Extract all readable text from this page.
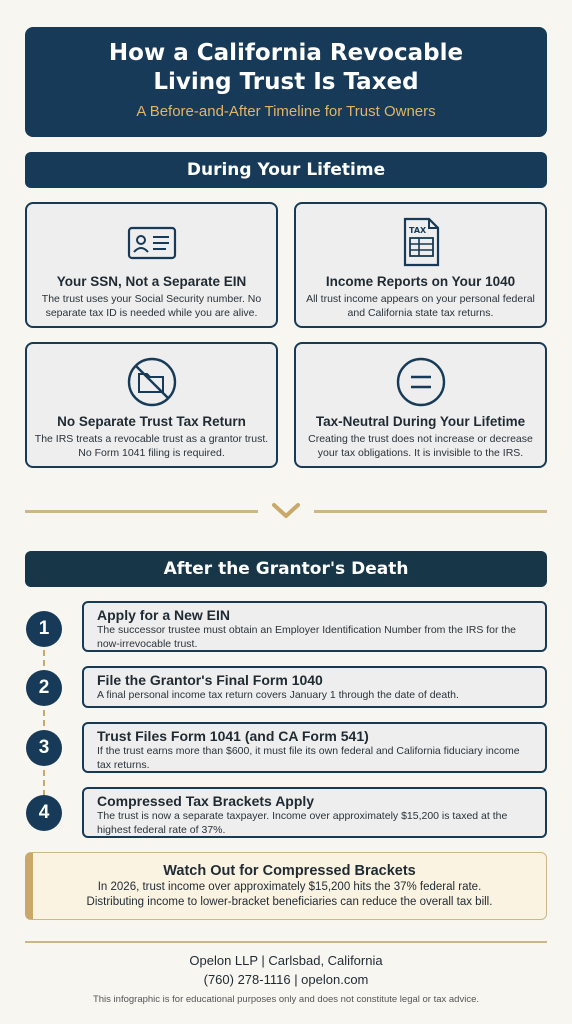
How a California Revocable
Living Trust Is Taxed
A Before-and-After Timeline for Trust Owners
During Your Lifetime
Your SSN, Not a Separate EIN
The trust uses your Social Security number. No separate tax ID is needed while you are alive.
TAX
Income Reports on Your 1040
All trust income appears on your personal federal and California state tax returns.
No Separate Trust Tax Return
The IRS treats a revocable trust as a grantor trust. No Form 1041 filing is required.
Tax-Neutral During Your Lifetime
Creating the trust does not increase or decrease your tax obligations. It is invisible to the IRS.
After the Grantor's Death
1
Apply for a New EIN
The successor trustee must obtain an Employer Identification Number from the IRS for the now-irrevocable trust.
2	File the Grantor's Final Form 1040
A final personal income tax return covers January 1 through the date of death.
3
Trust Files Form 1041 (and CA Form 541)
If the trust earns more than $600, it must file its own federal and California fiduciary income tax returns.
4
Compressed Tax Brackets Apply
The trust is now a separate taxpayer. Income over approximately $15,200 is taxed at the highest federal rate of 37%.
Watch Out for Compressed Brackets
In 2026, trust income over approximately $15,200 hits the 37% federal rate.
Distributing income to lower-bracket beneficiaries can reduce the overall tax bill.
Opelon LLP | Carlsbad, California
(760) 278-1116 | opelon.com
This infographic is for educational purposes only and does not constitute legal or tax advice.
